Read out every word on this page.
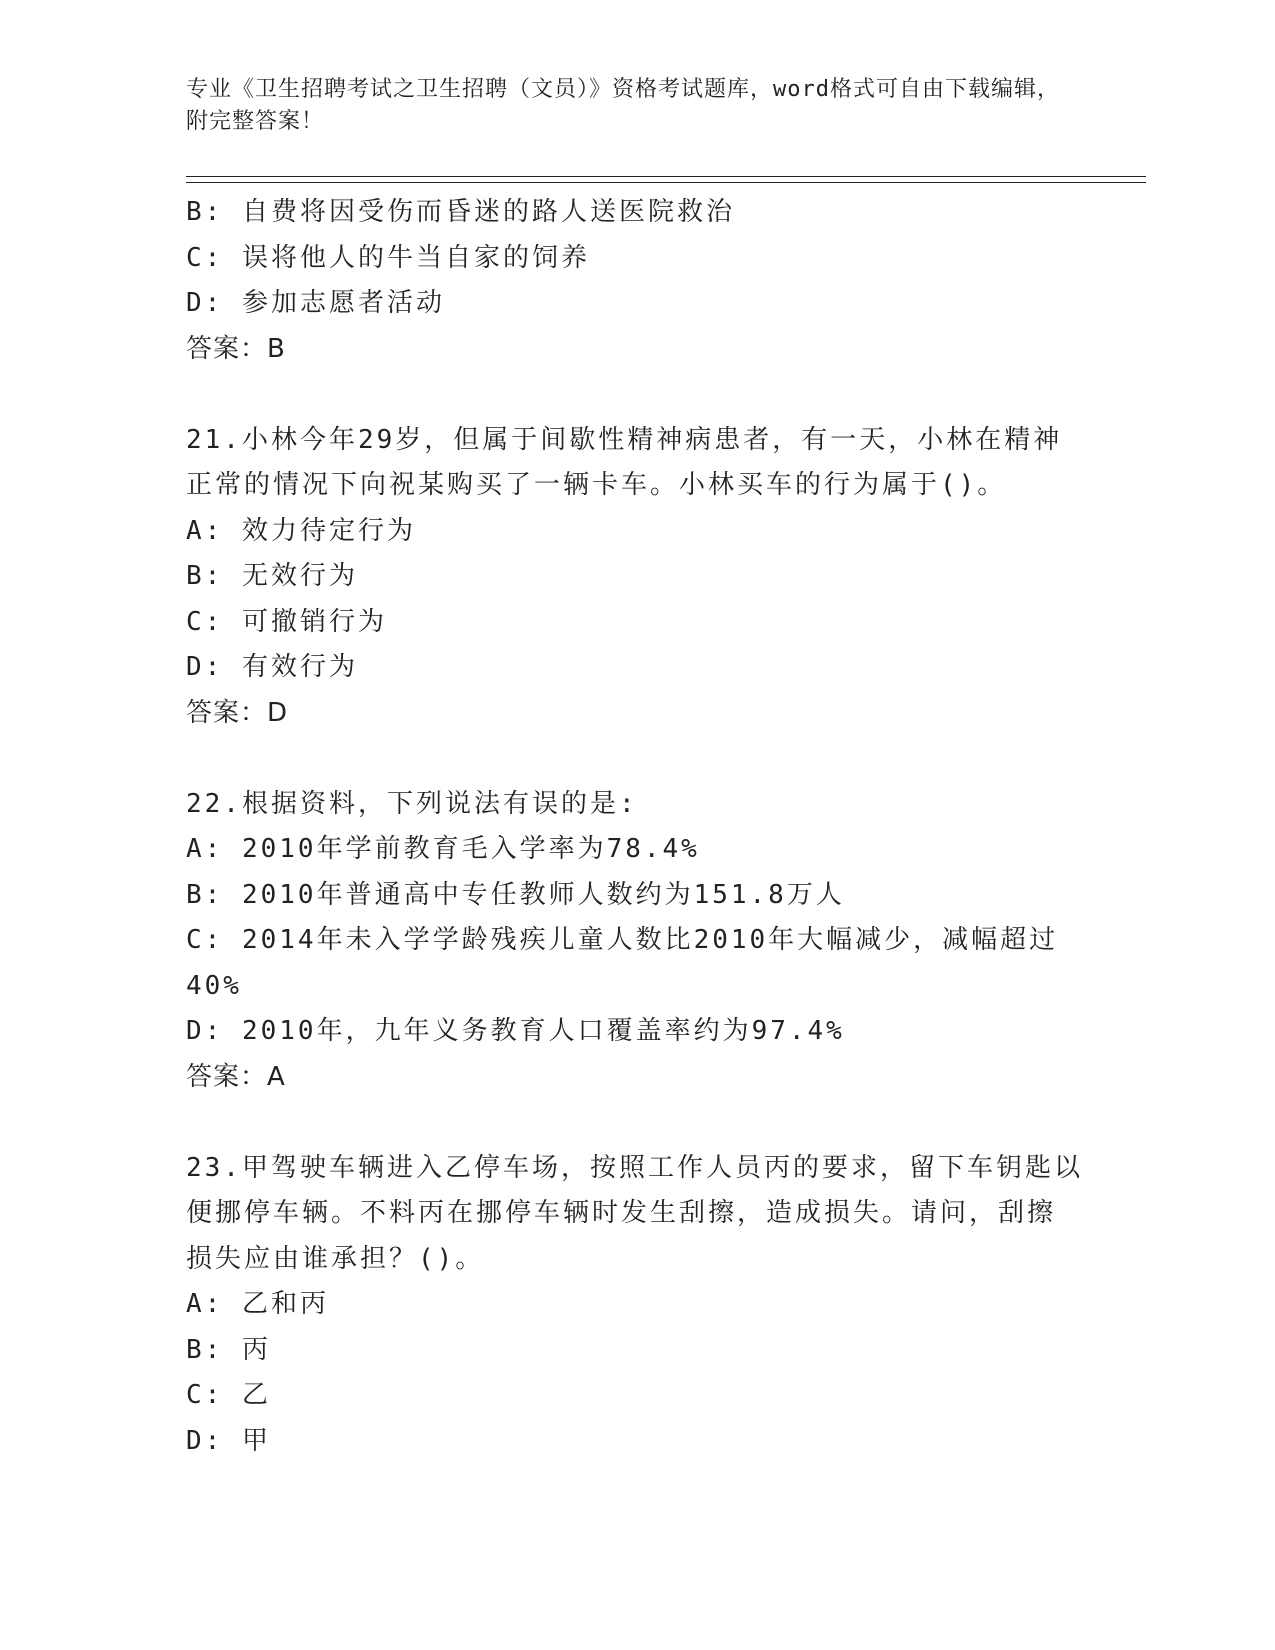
专业《卫生招聘考试之卫生招聘（文员）》资格考试题库，word格式可自由下载编辑，附完整答案！
B: 自费将因受伤而昏迷的路人送医院救治
C: 误将他人的牛当自家的饲养
D: 参加志愿者活动
答案：B
21.小林今年29岁，但属于间歇性精神病患者，有一天，小林在精神
正常的情况下向祝某购买了一辆卡车。小林买车的行为属于()。
A: 效力待定行为
B: 无效行为
C: 可撤销行为
D: 有效行为
答案：D
22.根据资料，下列说法有误的是:
A: 2010年学前教育毛入学率为78.4%
B: 2010年普通高中专任教师人数约为151.8万人
C: 2014年未入学学龄残疾儿童人数比2010年大幅减少，减幅超过
40%
D: 2010年，九年义务教育人口覆盖率约为97.4%
答案：A
23.甲驾驶车辆进入乙停车场，按照工作人员丙的要求，留下车钥匙以
便挪停车辆。不料丙在挪停车辆时发生刮擦，造成损失。请问，刮擦
损失应由谁承担？()。
A: 乙和丙
B: 丙
C: 乙
D: 甲
